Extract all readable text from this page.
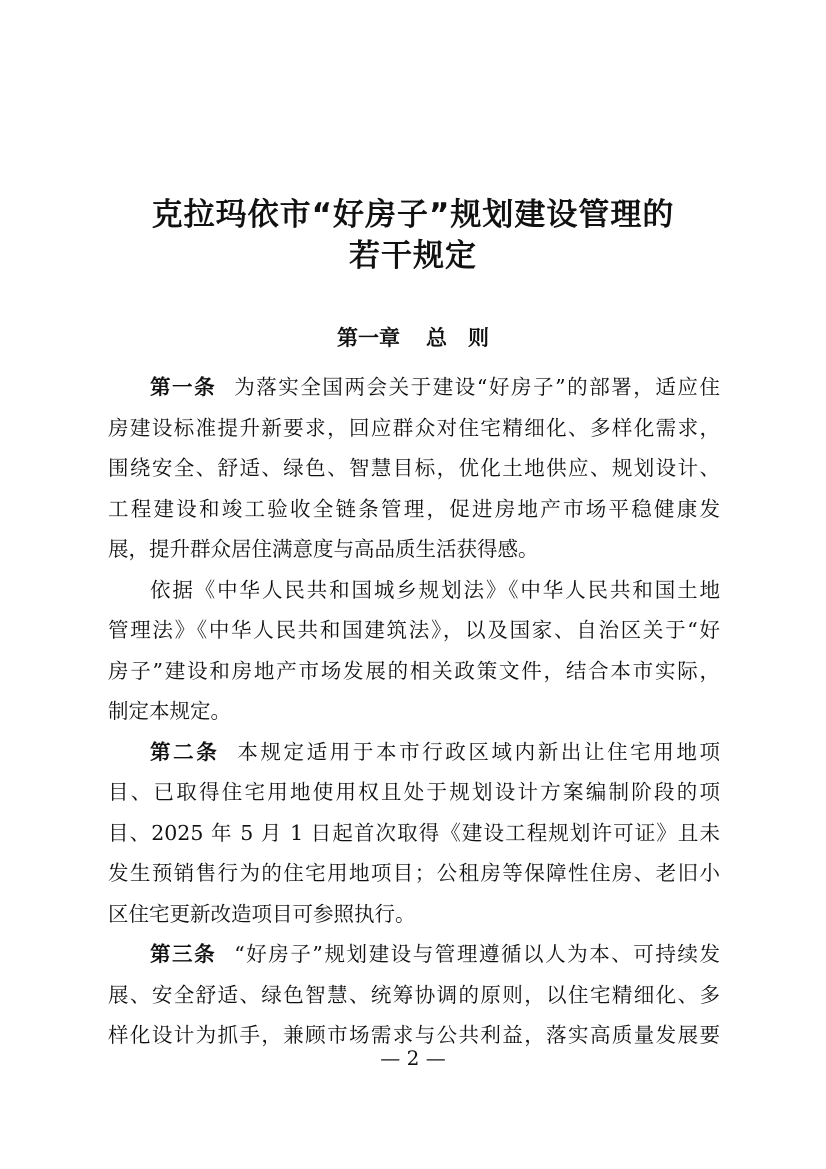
克拉玛依市“好房子”规划建设管理的
若干规定
第一章 总　则
第一条 为落实全国两会关于建设“好房子”的部署，适应住
房建设标准提升新要求，回应群众对住宅精细化、多样化需求，
围绕安全、舒适、绿色、智慧目标，优化土地供应、规划设计、
工程建设和竣工验收全链条管理，促进房地产市场平稳健康发
展，提升群众居住满意度与高品质生活获得感。
依据《中华人民共和国城乡规划法》《中华人民共和国土地
管理法》《中华人民共和国建筑法》，以及国家、自治区关于“好
房子”建设和房地产市场发展的相关政策文件，结合本市实际，
制定本规定。
第二条 本规定适用于本市行政区域内新出让住宅用地项
目、已取得住宅用地使用权且处于规划设计方案编制阶段的项
目、2025 年 5 月 1 日起首次取得《建设工程规划许可证》且未
发生预销售行为的住宅用地项目；公租房等保障性住房、老旧小
区住宅更新改造项目可参照执行。
第三条 “好房子”规划建设与管理遵循以人为本、可持续发
展、安全舒适、绿色智慧、统筹协调的原则，以住宅精细化、多
样化设计为抓手，兼顾市场需求与公共利益，落实高质量发展要
— 2 —
